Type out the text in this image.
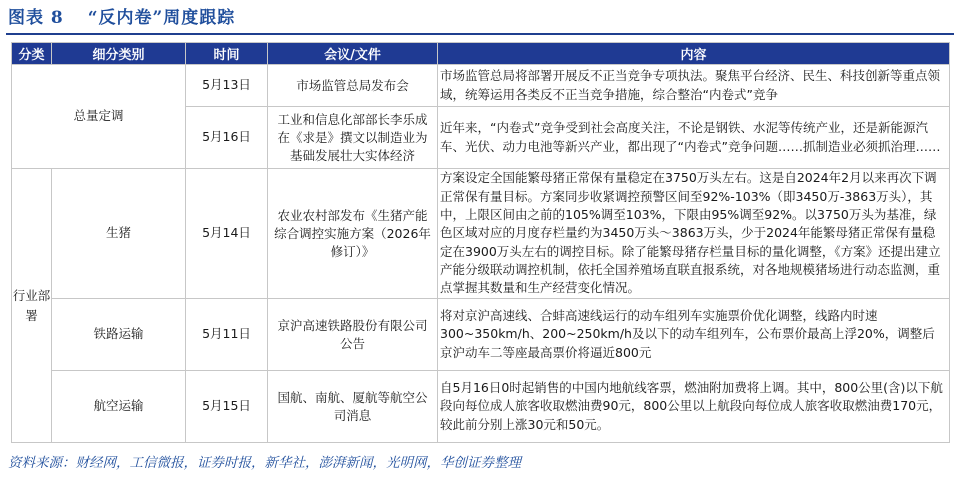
图表 8 “反内卷”周度跟踪
分类	细分类别	时间	会议/文件	内容
总量定调		5月13日	市场监管总局发布会	市场监管总局将部署开展反不正当竞争专项执法。聚焦平台经济、民生、科技创新等重点领域，统筹运用各类反不正当竞争措施，综合整治“内卷式”竞争
		5月16日	工业和信息化部部长李乐成在《求是》撰文以制造业为基础发展壮大实体经济	近年来，“内卷式”竞争受到社会高度关注，不论是钢铁、水泥等传统产业，还是新能源汽车、光伏、动力电池等新兴产业，都出现了“内卷式”竞争问题……抓制造业必须抓治理……
行业部署	生猪	5月14日	农业农村部发布《生猪产能综合调控实施方案（2026年修订）》	方案设定全国能繁母猪正常保有量稳定在3750万头左右。这是自2024年2月以来再次下调正常保有量目标。方案同步收紧调控预警区间至92%-103%（即3450万-3863万头），其中，上限区间由之前的105%调至103%，下限由95%调至92%。以3750万头为基准，绿色区域对应的月度存栏量约为3450万头～3863万头，少于2024年能繁母猪正常保有量稳定在3900万头左右的调控目标。除了能繁母猪存栏量目标的量化调整，《方案》还提出建立产能分级联动调控机制，依托全国养殖场直联直报系统，对各地规模猪场进行动态监测，重点掌握其数量和生产经营变化情况。
	铁路运输	5月11日	京沪高速铁路股份有限公司公告	将对京沪高速线、合蚌高速线运行的动车组列车实施票价优化调整，线路内时速300~350km/h、200~250km/h及以下的动车组列车，公布票价最高上浮20%，调整后京沪动车二等座最高票价将逼近800元
	航空运输	5月15日	国航、南航、厦航等航空公司消息	自5月16日0时起销售的中国内地航线客票，燃油附加费将上调。其中，800公里(含)以下航段向每位成人旅客收取燃油费90元，800公里以上航段向每位成人旅客收取燃油费170元，较此前分别上涨30元和50元。
资料来源：财经网，工信微报，证券时报，新华社，澎湃新闻，光明网，华创证券整理
